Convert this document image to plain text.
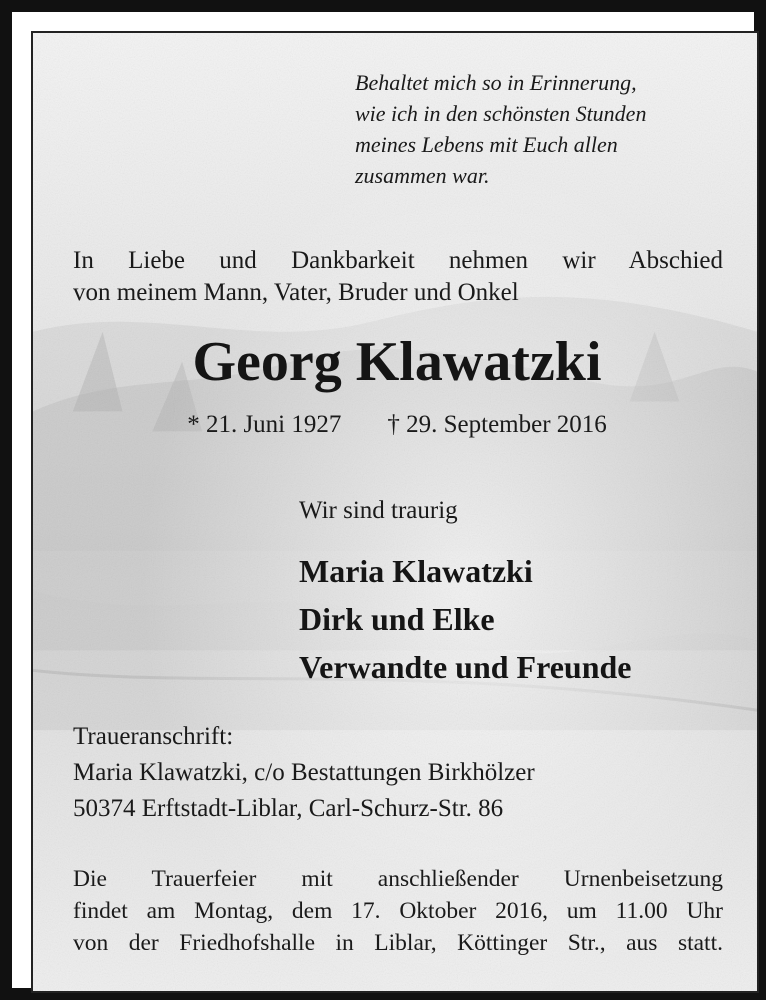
Behaltet mich so in Erinnerung,
wie ich in den schönsten Stunden
meines Lebens mit Euch allen
zusammen war.
In Liebe und Dankbarkeit nehmen wir Abschied
von meinem Mann, Vater, Bruder und Onkel
Georg Klawatzki
* 21. Juni 1927 † 29. September 2016
Wir sind traurig
Maria Klawatzki
Dirk und Elke
Verwandte und Freunde
Traueranschrift:
Maria Klawatzki, c/o Bestattungen Birkhölzer
50374 Erftstadt-Liblar, Carl-Schurz-Str. 86
Die Trauerfeier mit anschließender Urnenbeisetzung
findet am Montag, dem 17. Oktober 2016, um 11.00 Uhr
von der Friedhofshalle in Liblar, Köttinger Str., aus statt.
